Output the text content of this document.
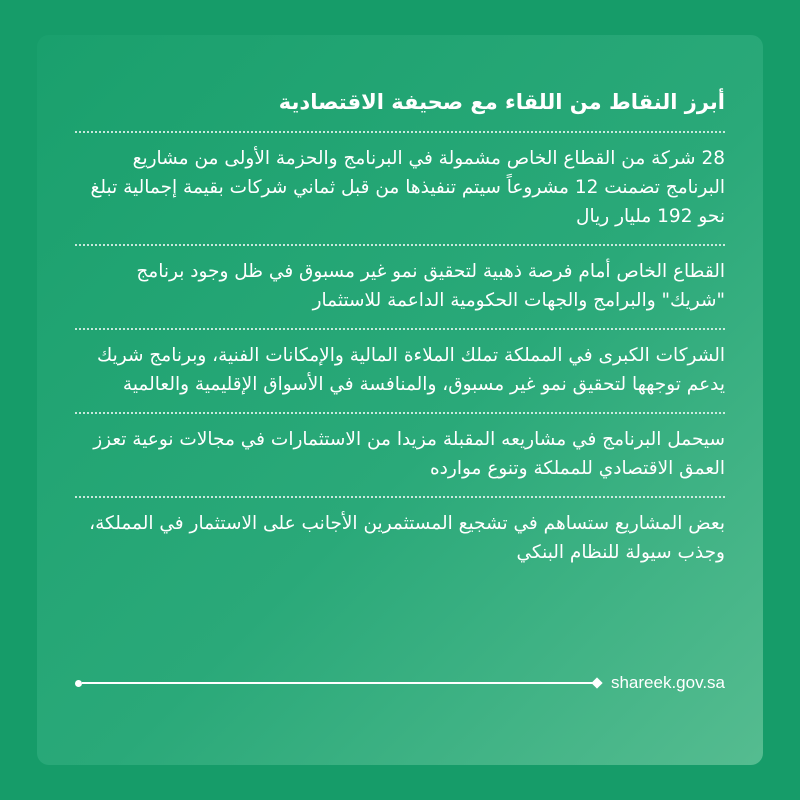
أبرز النقاط من اللقاء مع صحيفة الاقتصادية

28 شركة من القطاع الخاص مشمولة في البرنامج والحزمة الأولى من مشاريع البرنامج تضمنت 12 مشروعاً سيتم تنفيذها من قبل ثماني شركات بقيمة إجمالية تبلغ نحو 192 مليار ريال

القطاع الخاص أمام فرصة ذهبية لتحقيق نمو غير مسبوق في ظل وجود برنامج "شريك" والبرامج والجهات الحكومية الداعمة للاستثمار

الشركات الكبرى في المملكة تملك الملاءة المالية والإمكانات الفنية، وبرنامج شريك يدعم توجهها لتحقيق نمو غير مسبوق، والمنافسة في الأسواق الإقليمية والعالمية

سيحمل البرنامج في مشاريعه المقبلة مزيدا من الاستثمارات في مجالات نوعية تعزز العمق الاقتصادي للمملكة وتنوع موارده

بعض المشاريع ستساهم في تشجيع المستثمرين الأجانب على الاستثمار في المملكة، وجذب سيولة للنظام البنكي

shareek.gov.sa
